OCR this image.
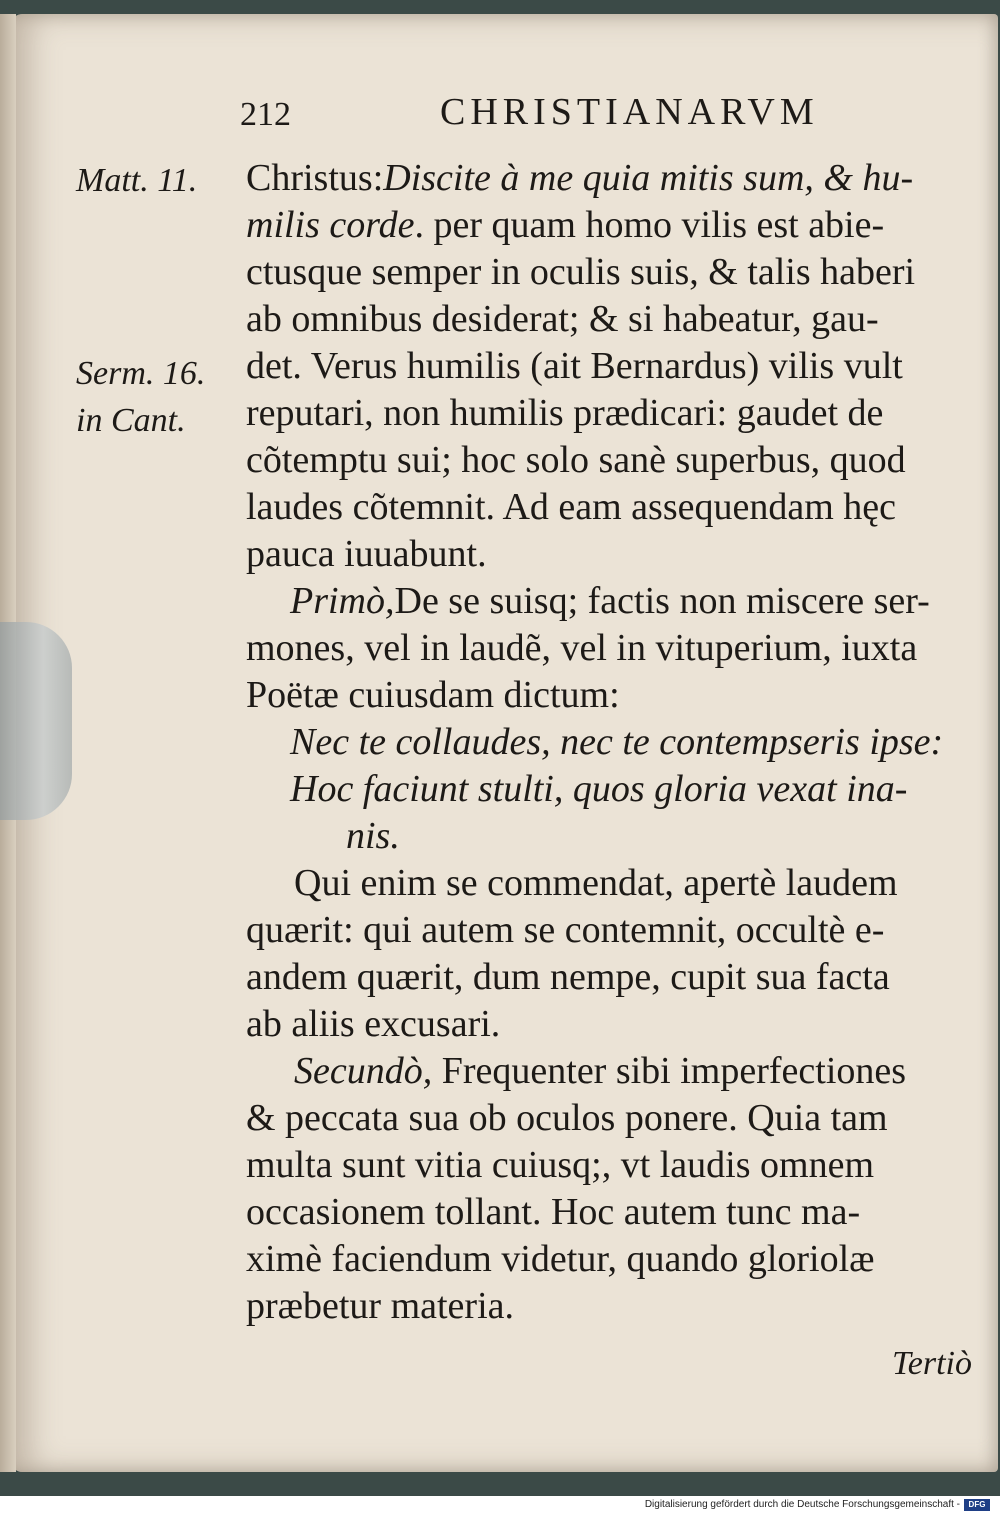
212	CHRISTIANARVM
Matt. 11.
Serm. 16.
in Cant.
Christus:Discite à me quia mitis sum, & hu-
milis corde. per quam homo vilis est abie-
ctusque semper in oculis suis, & talis haberi
ab omnibus desiderat; & si habeatur, gau-
det. Verus humilis (ait Bernardus) vilis vult
reputari, non humilis prædicari: gaudet de
cõtemptu sui; hoc solo sanè superbus, quod
laudes cõtemnit. Ad eam assequendam hęc
pauca iuuabunt.
Primò,De se suisq; factis non miscere ser-
mones, vel in laudẽ, vel in vituperium, iuxta
Poëtæ cuiusdam dictum:
Nec te collaudes, nec te contempseris ipse:
Hoc faciunt stulti, quos gloria vexat ina-
nis.
Qui enim se commendat, apertè laudem
quærit: qui autem se contemnit, occultè e-
andem quærit, dum nempe, cupit sua facta
ab aliis excusari.
Secundò, Frequenter sibi imperfectiones
& peccata sua ob oculos ponere. Quia tam
multa sunt vitia cuiusq;, vt laudis omnem
occasionem tollant. Hoc autem tunc ma-
ximè faciendum videtur, quando gloriolæ
præbetur materia.
Tertiò
Digitalisierung gefördert durch die Deutsche Forschungsgemeinschaft -	DFG
